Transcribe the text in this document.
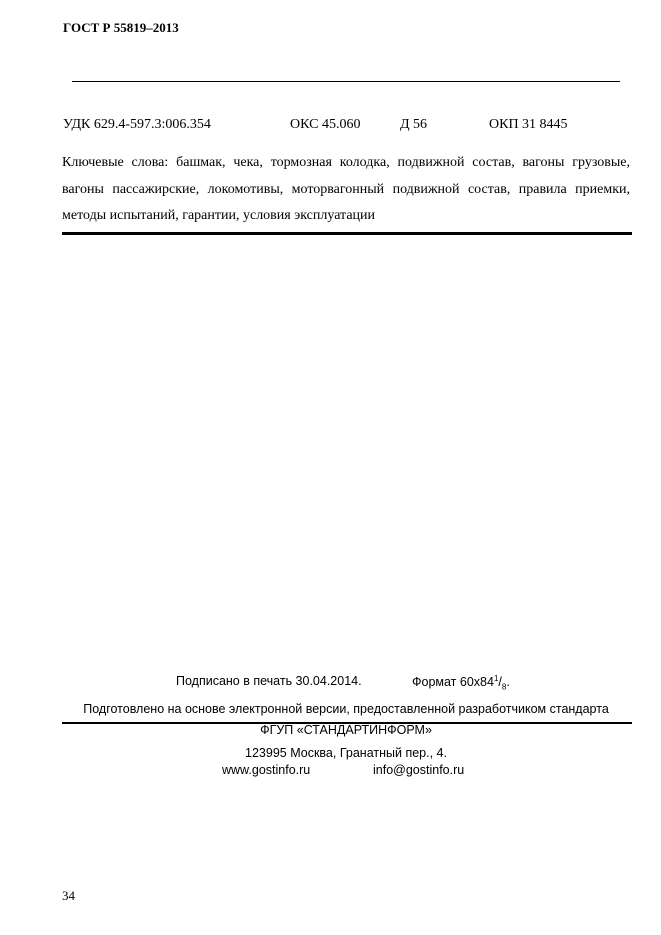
ГОСТ Р 55819–2013
УДК 629.4-597.3:006.354	ОКС 45.060	Д 56	ОКП 31 8445
Ключевые слова: башмак, чека, тормозная колодка, подвижной состав, вагоны грузовые, вагоны пассажирские, локомотивы, моторвагонный подвижной состав, правила приемки, методы испытаний, гарантии, условия эксплуатации
Подписано в печать 30.04.2014.	Формат $60x84^1/_8$.
Подготовлено на основе электронной версии, предоставленной разработчиком стандарта
ФГУП «СТАНДАРТИНФОРМ»
123995 Москва, Гранатный пер., 4.
www.gostinfo.ru	info@gostinfo.ru
34
